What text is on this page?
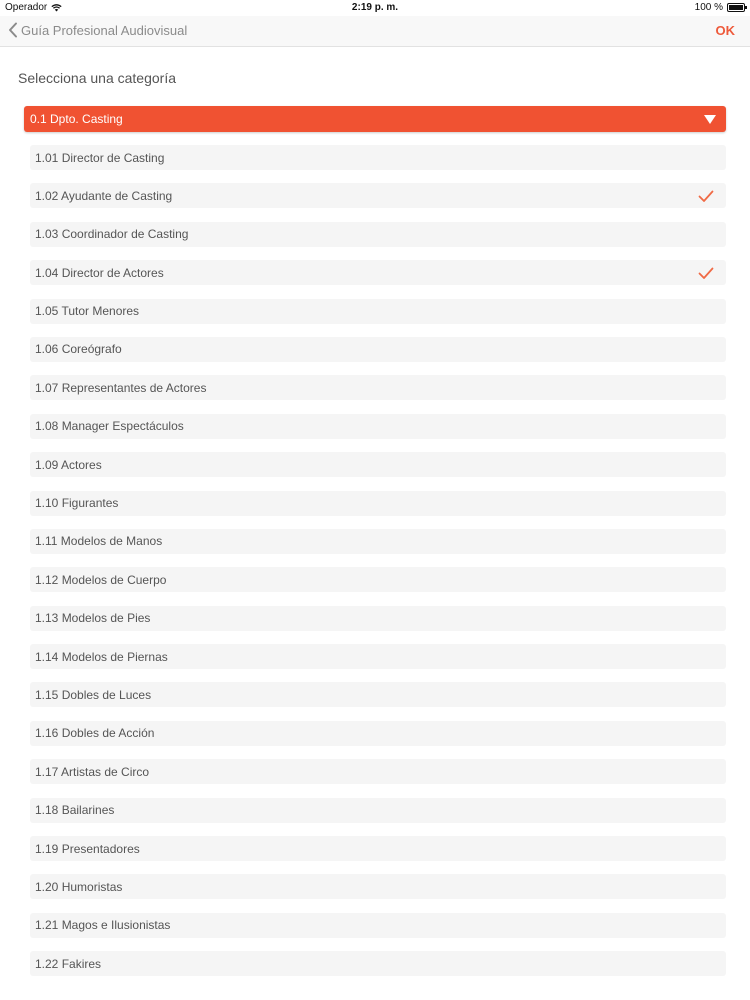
Operador	2:19 p. m.	100 %
Guía Profesional Audiovisual	OK
Selecciona una categoría
0.1 Dpto. Casting
1.01 Director de Casting
1.02 Ayudante de Casting
1.03 Coordinador de Casting
1.04 Director de Actores
1.05 Tutor Menores
1.06 Coreógrafo
1.07 Representantes de Actores
1.08 Manager Espectáculos
1.09 Actores
1.10 Figurantes
1.11 Modelos de Manos
1.12 Modelos de Cuerpo
1.13 Modelos de Pies
1.14 Modelos de Piernas
1.15 Dobles de Luces
1.16 Dobles de Acción
1.17 Artistas de Circo
1.18 Bailarines
1.19 Presentadores
1.20 Humoristas
1.21 Magos e Ilusionistas
1.22 Fakires
